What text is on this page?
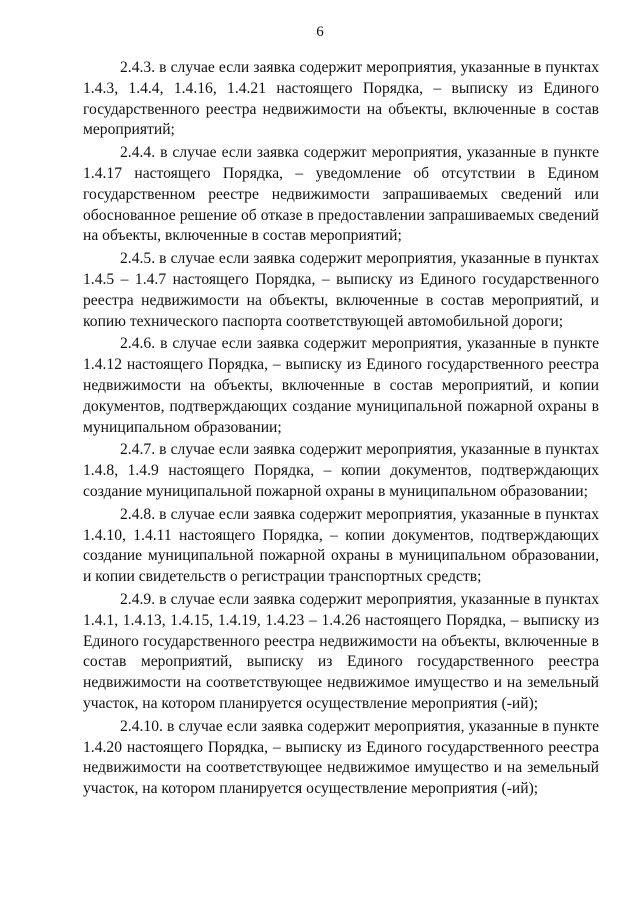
6

2.4.3. в случае если заявка содержит мероприятия, указанные в пунктах 1.4.3, 1.4.4, 1.4.16, 1.4.21 настоящего Порядка, – выписку из Единого государственного реестра недвижимости на объекты, включенные в состав мероприятий;

2.4.4. в случае если заявка содержит мероприятия, указанные в пункте 1.4.17 настоящего Порядка, – уведомление об отсутствии в Едином государственном реестре недвижимости запрашиваемых сведений или обоснованное решение об отказе в предоставлении запрашиваемых сведений на объекты, включенные в состав мероприятий;

2.4.5. в случае если заявка содержит мероприятия, указанные в пунктах 1.4.5 – 1.4.7 настоящего Порядка, – выписку из Единого государственного реестра недвижимости на объекты, включенные в состав мероприятий, и копию технического паспорта соответствующей автомобильной дороги;

2.4.6. в случае если заявка содержит мероприятия, указанные в пункте 1.4.12 настоящего Порядка, – выписку из Единого государственного реестра недвижимости на объекты, включенные в состав мероприятий, и копии документов, подтверждающих создание муниципальной пожарной охраны в муниципальном образовании;

2.4.7. в случае если заявка содержит мероприятия, указанные в пунктах 1.4.8, 1.4.9 настоящего Порядка, – копии документов, подтверждающих создание муниципальной пожарной охраны в муниципальном образовании;

2.4.8. в случае если заявка содержит мероприятия, указанные в пунктах 1.4.10, 1.4.11 настоящего Порядка, – копии документов, подтверждающих создание муниципальной пожарной охраны в муниципальном образовании, и копии свидетельств о регистрации транспортных средств;

2.4.9. в случае если заявка содержит мероприятия, указанные в пунктах 1.4.1, 1.4.13, 1.4.15, 1.4.19, 1.4.23 – 1.4.26 настоящего Порядка, – выписку из Единого государственного реестра недвижимости на объекты, включенные в состав мероприятий, выписку из Единого государственного реестра недвижимости на соответствующее недвижимое имущество и на земельный участок, на котором планируется осуществление мероприятия (-ий);

2.4.10. в случае если заявка содержит мероприятия, указанные в пункте 1.4.20 настоящего Порядка, – выписку из Единого государственного реестра недвижимости на соответствующее недвижимое имущество и на земельный участок, на котором планируется осуществление мероприятия (-ий);
